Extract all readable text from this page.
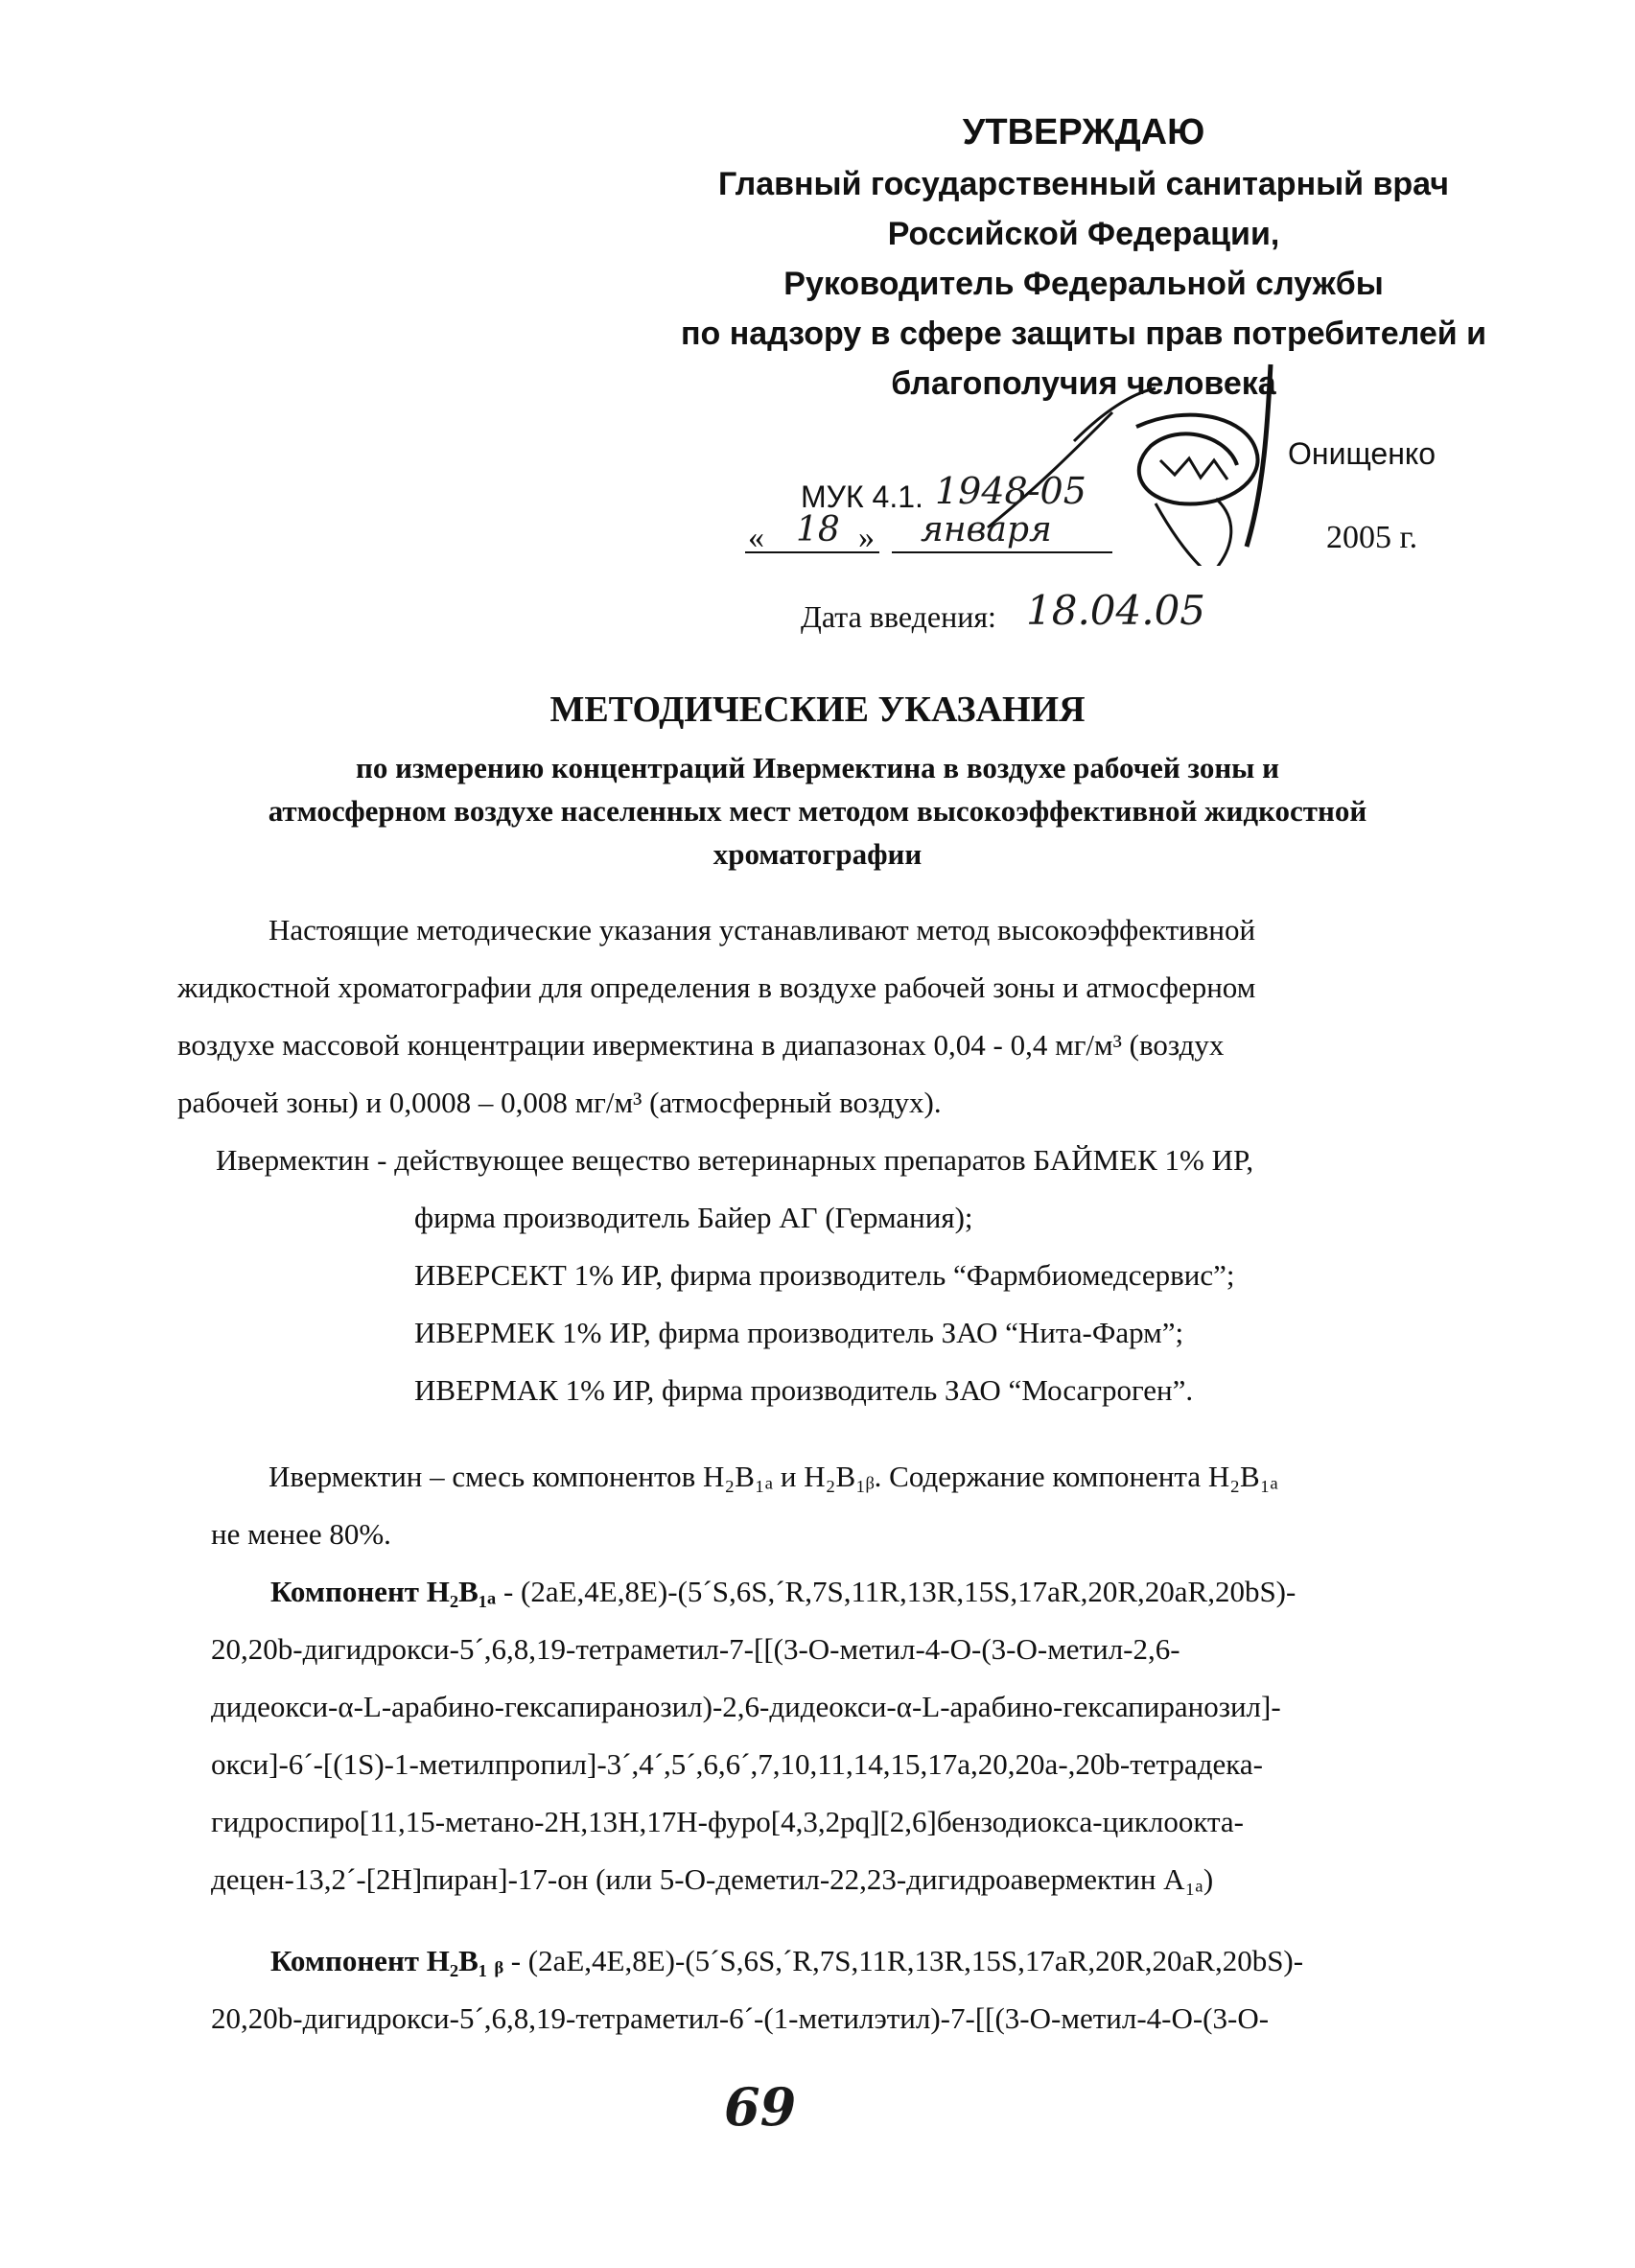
УТВЕРЖДАЮ
Главный государственный санитарный врач
Российской Федерации,
Руководитель Федеральной службы
по надзору в сфере защиты прав потребителей и
благополучия человека
Онищенко
МУК 4.1. 1948-05
« 18 » января	2005 г.
Дата введения: 18.04.05
МЕТОДИЧЕСКИЕ УКАЗАНИЯ
по измерению концентраций Ивермектина в воздухе рабочей зоны и
атмосферном воздухе населенных мест методом высокоэффективной жидкостной
хроматографии
Настоящие методические указания устанавливают метод высокоэффективной
жидкостной хроматографии для определения в воздухе рабочей зоны и атмосферном
воздухе массовой концентрации ивермектина в диапазонах 0,04 - 0,4 мг/м³ (воздух
рабочей зоны) и 0,0008 – 0,008 мг/м³ (атмосферный воздух).
Ивермектин - действующее вещество ветеринарных препаратов БАЙМЕК 1% ИР,
фирма производитель Байер АГ (Германия);
ИВЕРСЕКТ 1% ИР, фирма производитель “Фармбиомедсервис”;
ИВЕРМЕК 1% ИР, фирма производитель ЗАО “Нита-Фарм”;
ИВЕРМАК 1% ИР, фирма производитель ЗАО “Мосагроген”.
Ивермектин – смесь компонентов H₂B₁ₐ и H₂B₁ᵦ. Содержание компонента H₂B₁ₐ
не менее 80%.
Компонент H₂B₁ₐ - (2aE,4E,8E)-(5´S,6S,´R,7S,11R,13R,15S,17aR,20R,20aR,20bS)-
20,20b-дигидрокси-5´,6,8,19-тетраметил-7-[[(3-O-метил-4-O-(3-O-метил-2,6-
дидеокси-α-L-арабино-гексапиранозил)-2,6-дидеокси-α-L-арабино-гексапиранозил]-
окси]-6´-[(1S)-1-метилпропил]-3´,4´,5´,6,6´,7,10,11,14,15,17a,20,20a-,20b-тетрадека-
гидроспиро[11,15-метано-2H,13H,17H-фуро[4,3,2pq][2,6]бензодиокса-циклоокта-
децен-13,2´-[2H]пиран]-17-он (или 5-O-деметил-22,23-дигидроавермектин A₁ₐ)
Компонент H₂B₁ ᵦ - (2aE,4E,8E)-(5´S,6S,´R,7S,11R,13R,15S,17aR,20R,20aR,20bS)-
20,20b-дигидрокси-5´,6,8,19-тетраметил-6´-(1-метилэтил)-7-[[(3-O-метил-4-O-(3-O-
69
